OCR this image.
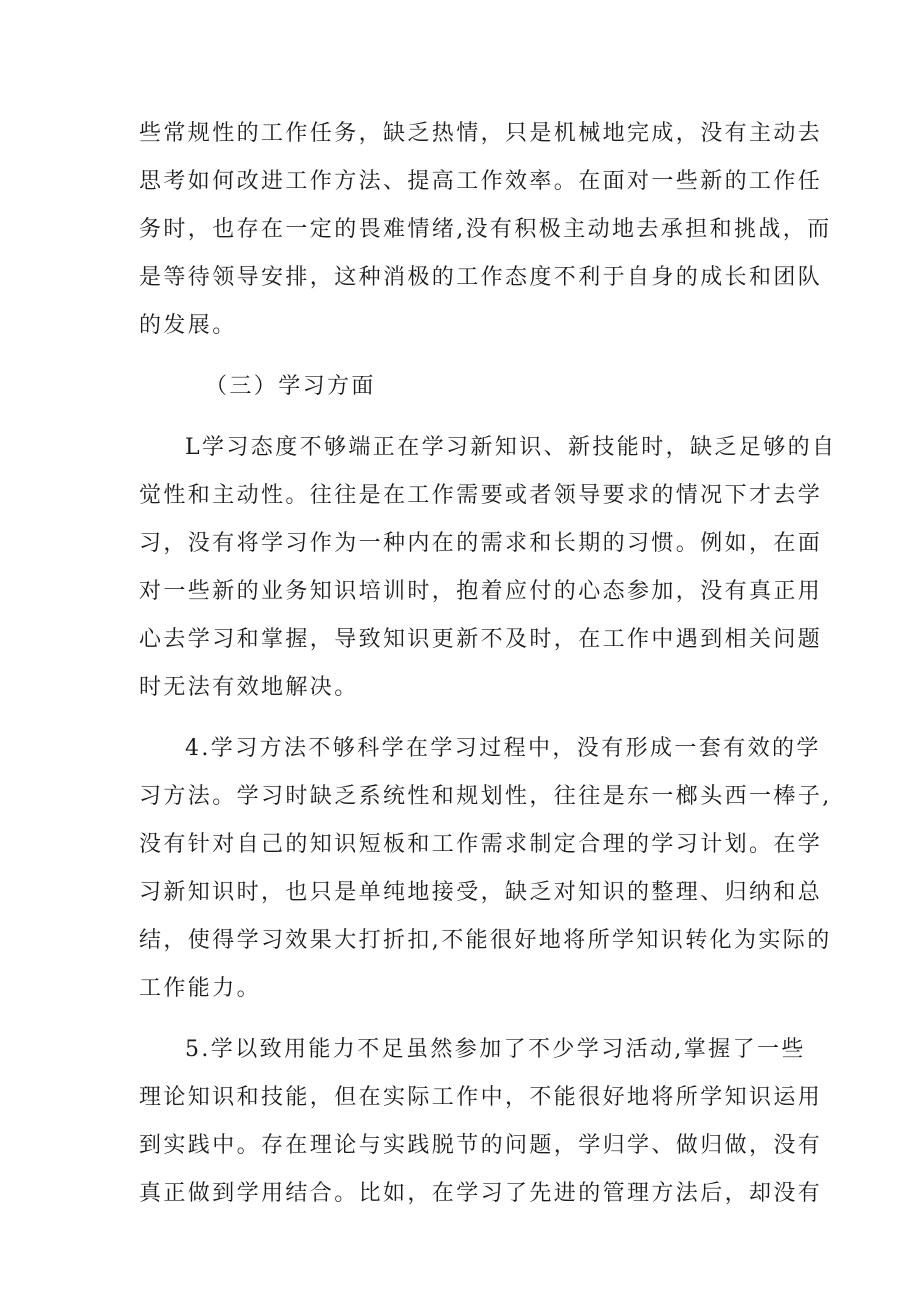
些常规性的工作任务，缺乏热情，只是机械地完成，没有主动去
思考如何改进工作方法、提高工作效率。在面对一些新的工作任
务时，也存在一定的畏难情绪,没有积极主动地去承担和挑战，而
是等待领导安排，这种消极的工作态度不利于自身的成长和团队
的发展。
（三）学习方面
L学习态度不够端正在学习新知识、新技能时，缺乏足够的自
觉性和主动性。往往是在工作需要或者领导要求的情况下才去学
习，没有将学习作为一种内在的需求和长期的习惯。例如，在面
对一些新的业务知识培训时，抱着应付的心态参加，没有真正用
心去学习和掌握，导致知识更新不及时，在工作中遇到相关问题
时无法有效地解决。
4.学习方法不够科学在学习过程中，没有形成一套有效的学
习方法。学习时缺乏系统性和规划性，往往是东一榔头西一棒子,
没有针对自己的知识短板和工作需求制定合理的学习计划。在学
习新知识时，也只是单纯地接受，缺乏对知识的整理、归纳和总
结，使得学习效果大打折扣,不能很好地将所学知识转化为实际的
工作能力。
5.学以致用能力不足虽然参加了不少学习活动,掌握了一些
理论知识和技能，但在实际工作中，不能很好地将所学知识运用
到实践中。存在理论与实践脱节的问题，学归学、做归做，没有
真正做到学用结合。比如，在学习了先进的管理方法后，却没有
